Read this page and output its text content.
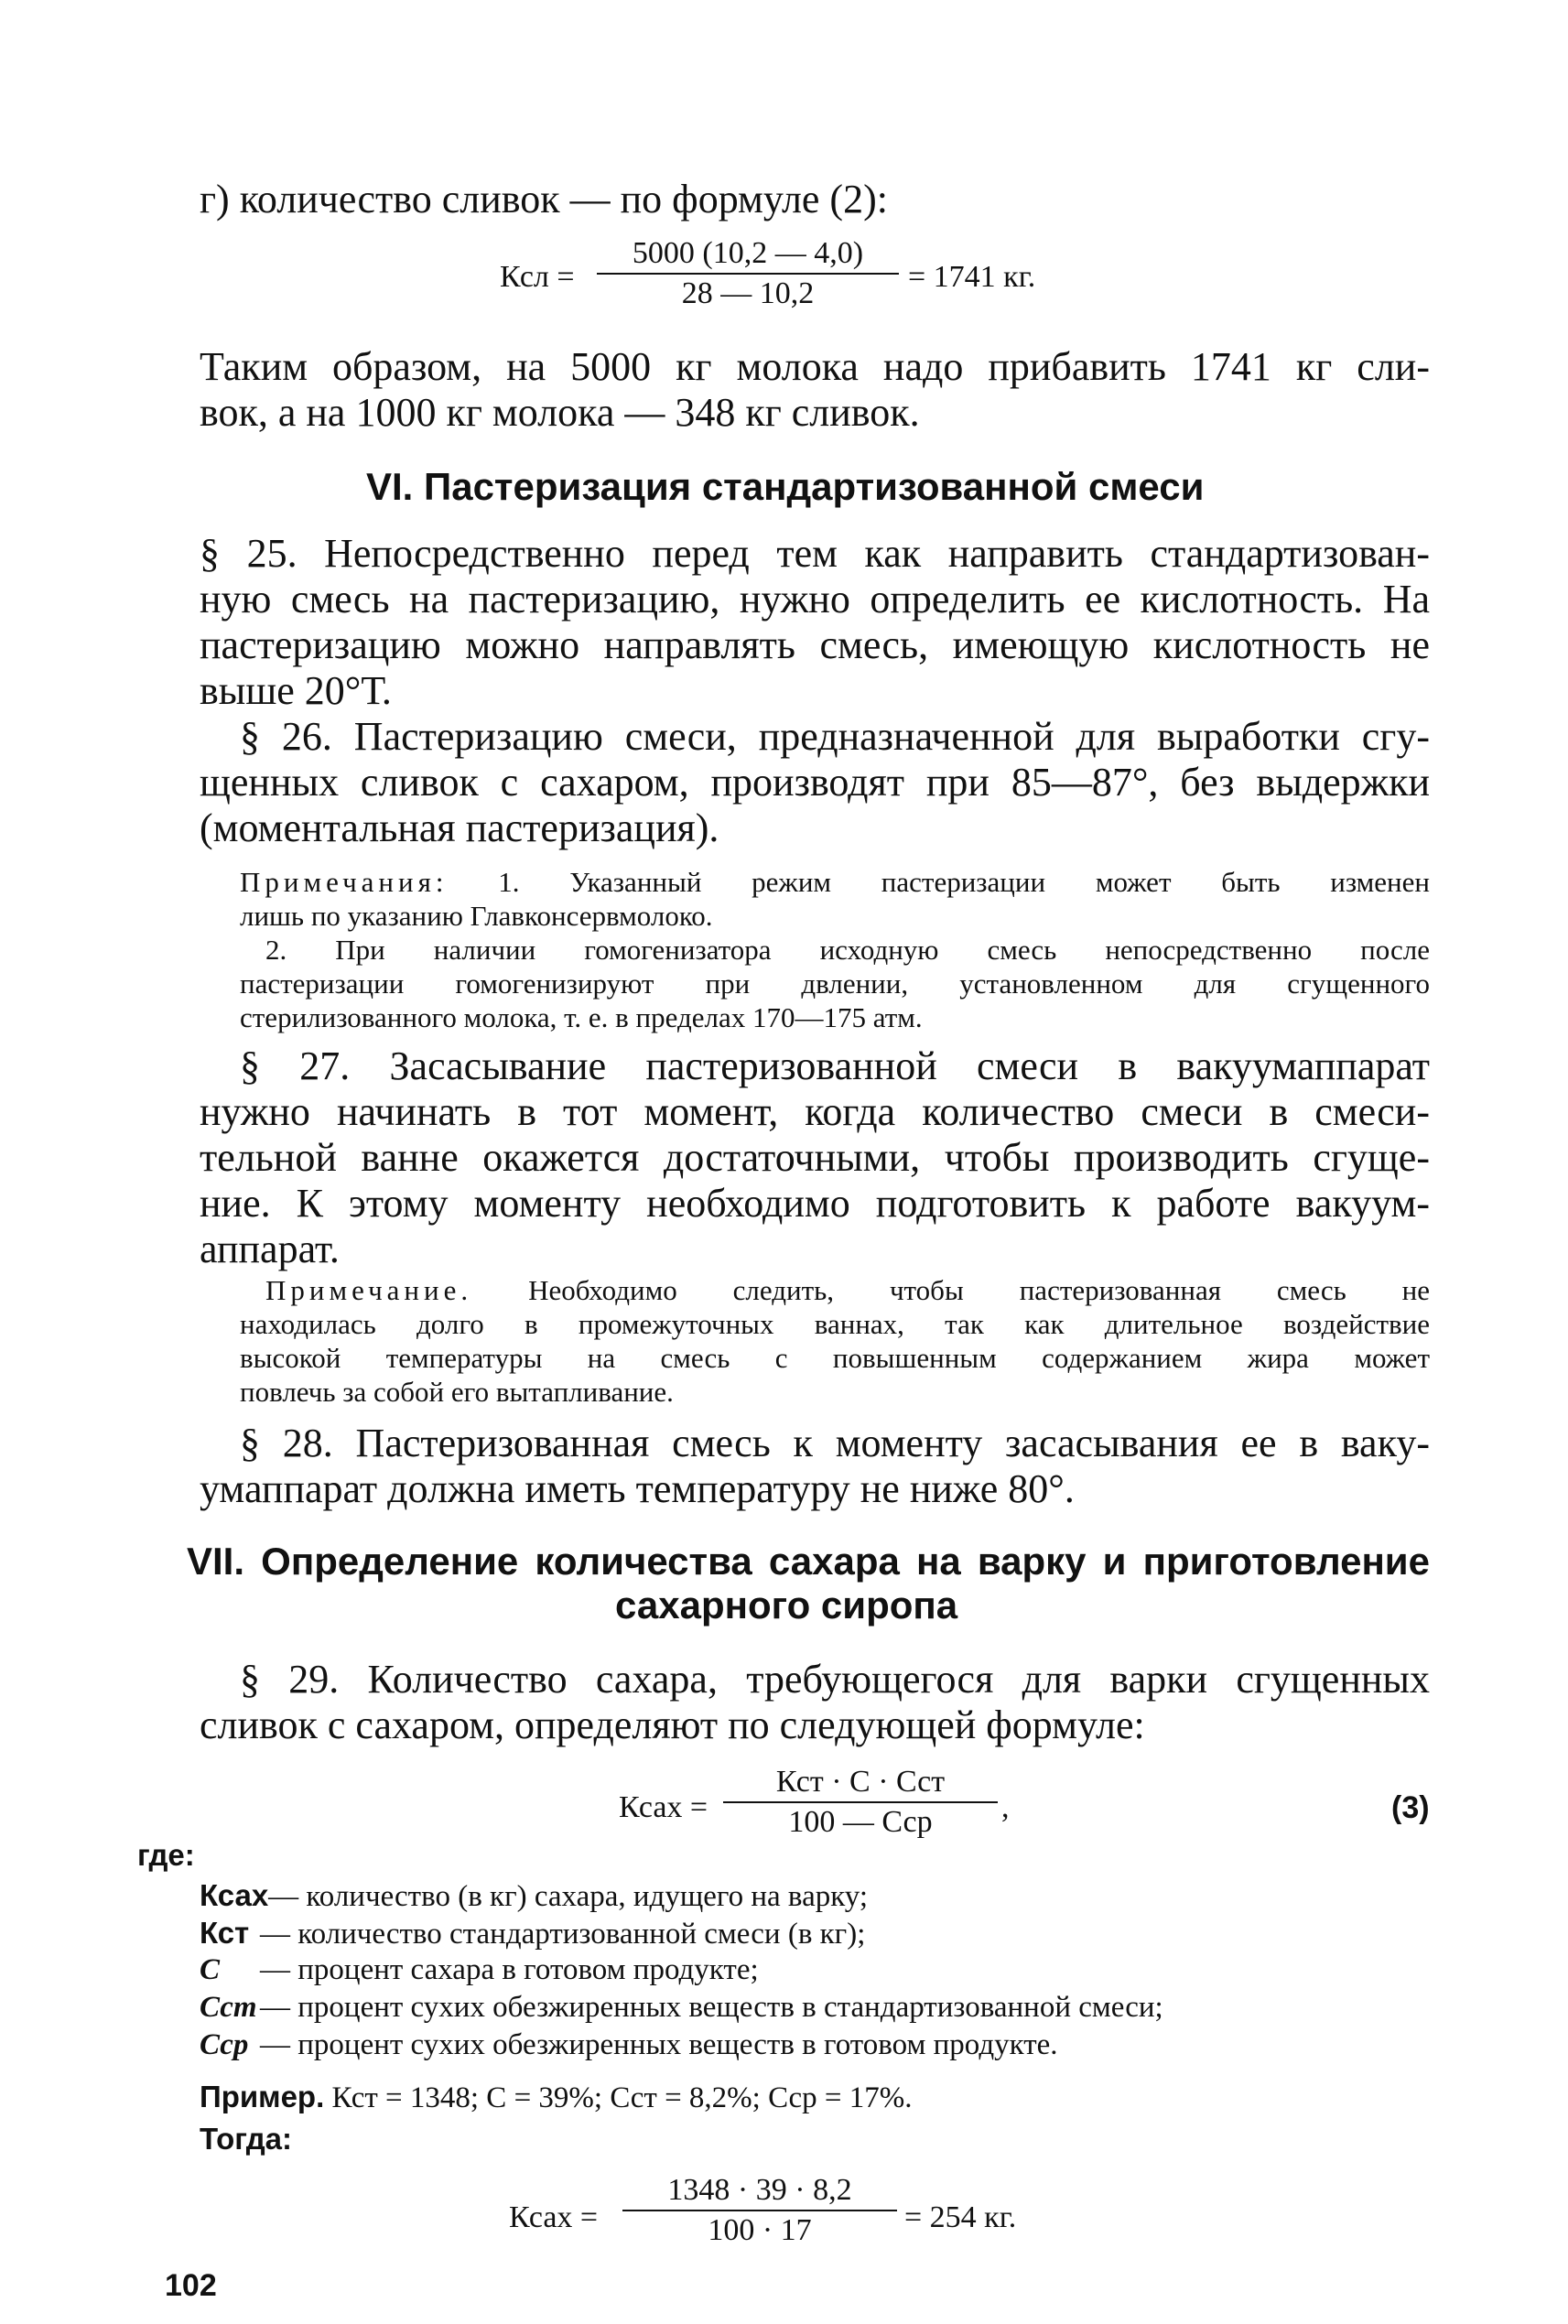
г) количество сливок — по формуле (2):
Ксл = $\frac{5000 (10,2 — 4,0)}{28 — 10,2} = 1741$ кг.
Таким образом, на 5000 кг молока надо прибавить 1741 кг сли-
вок, а на 1000 кг молока — 348 кг сливок.
VI. Пастеризация стандартизованной смеси
§ 25. Непосредственно перед тем как направить стандартизован-
ную смесь на пастеризацию, нужно определить ее кислотность. На
пастеризацию можно направлять смесь, имеющую кислотность не
выше 20°Т.
§ 26. Пастеризацию смеси, предназначенной для выработки сгу-
щенных сливок с сахаром, производят при 85—87°, без выдержки
(моментальная пастеризация).
Примечания: 1. Указанный режим пастеризации может быть изменен
лишь по указанию Главконсервмолоко.
2. При наличии гомогенизатора исходную смесь непосредственно после
пастеризации гомогенизируют при двлении, установленном для сгущенного
стерилизованного молока, т. е. в пределах 170—175 атм.
§ 27. Засасывание пастеризованной смеси в вакуумаппарат
нужно начинать в тот момент, когда количество смеси в смеси-
тельной ванне окажется достаточными, чтобы производить сгуще-
ние. К этому моменту необходимо подготовить к работе вакуум-
аппарат.
Примечание. Необходимо следить, чтобы пастеризованная смесь не
находилась долго в промежуточных ваннах, так как длительное воздействие
высокой температуры на смесь с повышенным содержанием жира может
повлечь за собой его вытапливание.
§ 28. Пастеризованная смесь к моменту засасывания ее в ваку-
умаппарат должна иметь температуру не ниже 80°.
VII. Определение количества сахара на варку и приготовление
сахарного сиропа
§ 29. Количество сахара, требующегося для варки сгущенных
сливок с сахаром, определяют по следующей формуле:
Ксах =
Кст · С · Сст
100 — Сср	,	(3)
где:
Ксах— количество (в кг) сахара, идущего на варку;
Кст — количество стандартизованной смеси (в кг);
С — процент сахара в готовом продукте;
Сст — процент сухих обезжиренных веществ в стандартизованной смеси;
Сср — процент сухих обезжиренных веществ в готовом продукте.
Пример. Кст = 1348; С = 39%; Сст = 8,2%; Сср = 17%.
Тогда:
Ксах = $\frac{1348 \cdot 39 \cdot 8,2}{100 \cdot 17} = 254$ кг.
102
